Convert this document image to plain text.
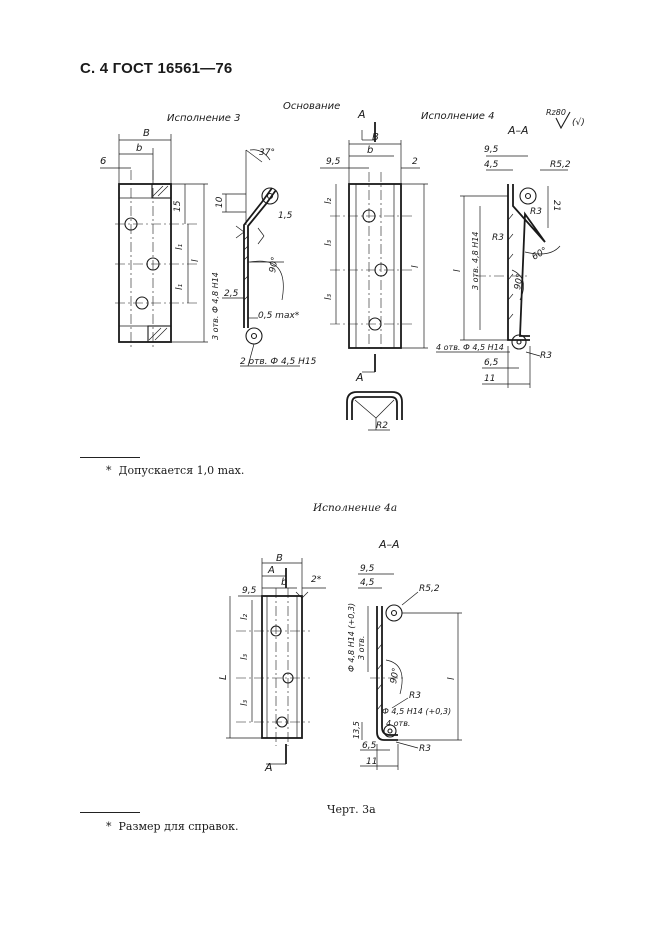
С. 4 ГОСТ 16561—76
Основание
Исполнение 3	Исполнение 4
А
А–А
Rz80
(√)
В
b
6
15
l₁
l₁
l
3 отв. Ф 4,8 Н14
37°
10
1,5
90°
2,5
0,5 max*
2 отв. Ф 4,5 Н15
В
b
9,5	2
l₂
l₃
l₃
l
А
R2
9,5
4,5	R5,2
R3
21
R3
60°
90°
l 3 отв. 4,8 Н14
4 отв. Ф 4,5 Н14
R3
6,5
11
* Допускается 1,0 max.
Исполнение 4а
А–А
В
А
b	2*
9,5
l₂
l₃
l₃
L
А
9,5
4,5
R5,2
l
Ф 4,8 Н14 (+0,3) 3 отв.
90°
R3
Ф 4,5 Н14 (+0,3)
4 отв.
13,5
R3
6,5
11
Черт. 3а
* Размер для справок.
